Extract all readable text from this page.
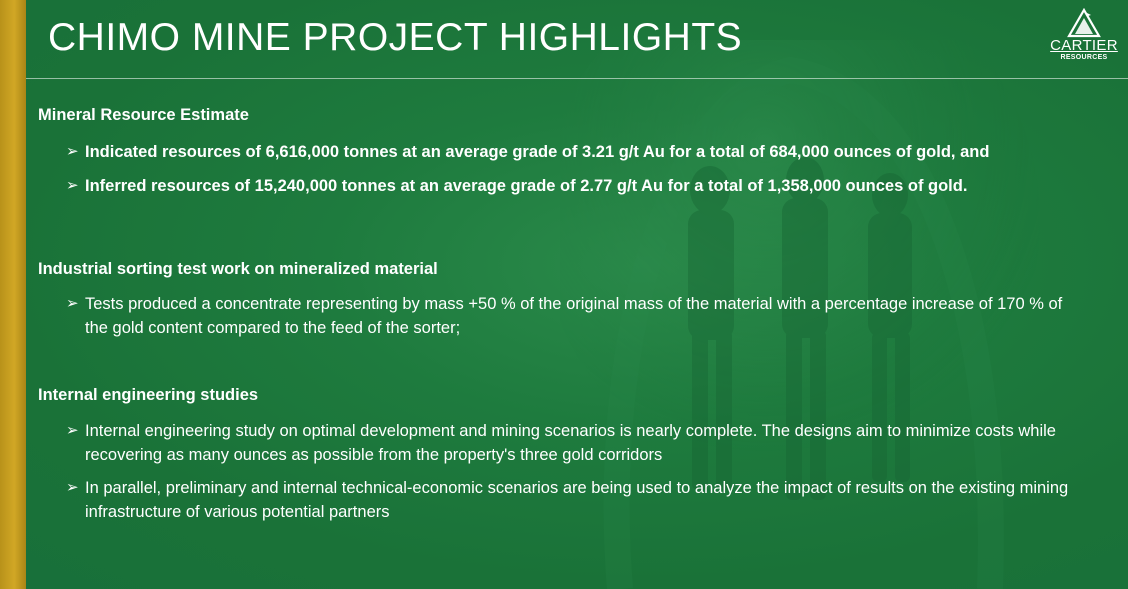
CHIMO MINE PROJECT HIGHLIGHTS	CARTIER
RESOURCES
Mineral Resource Estimate
➢ Indicated resources of 6,616,000 tonnes at an average grade of 3.21 g/t Au for a total of 684,000 ounces of gold, and
➢ Inferred resources of 15,240,000 tonnes at an average grade of 2.77 g/t Au for a total of 1,358,000 ounces of gold.
Industrial sorting test work on mineralized material
➢ Tests produced a concentrate representing by mass +50 % of the original mass of the material with a percentage increase of 170 % of the gold content compared to the feed of the sorter;
Internal engineering studies
➢ Internal engineering study on optimal development and mining scenarios is nearly complete. The designs aim to minimize costs while recovering as many ounces as possible from the property's three gold corridors
➢ In parallel, preliminary and internal technical-economic scenarios are being used to analyze the impact of results on the existing mining infrastructure of various potential partners
